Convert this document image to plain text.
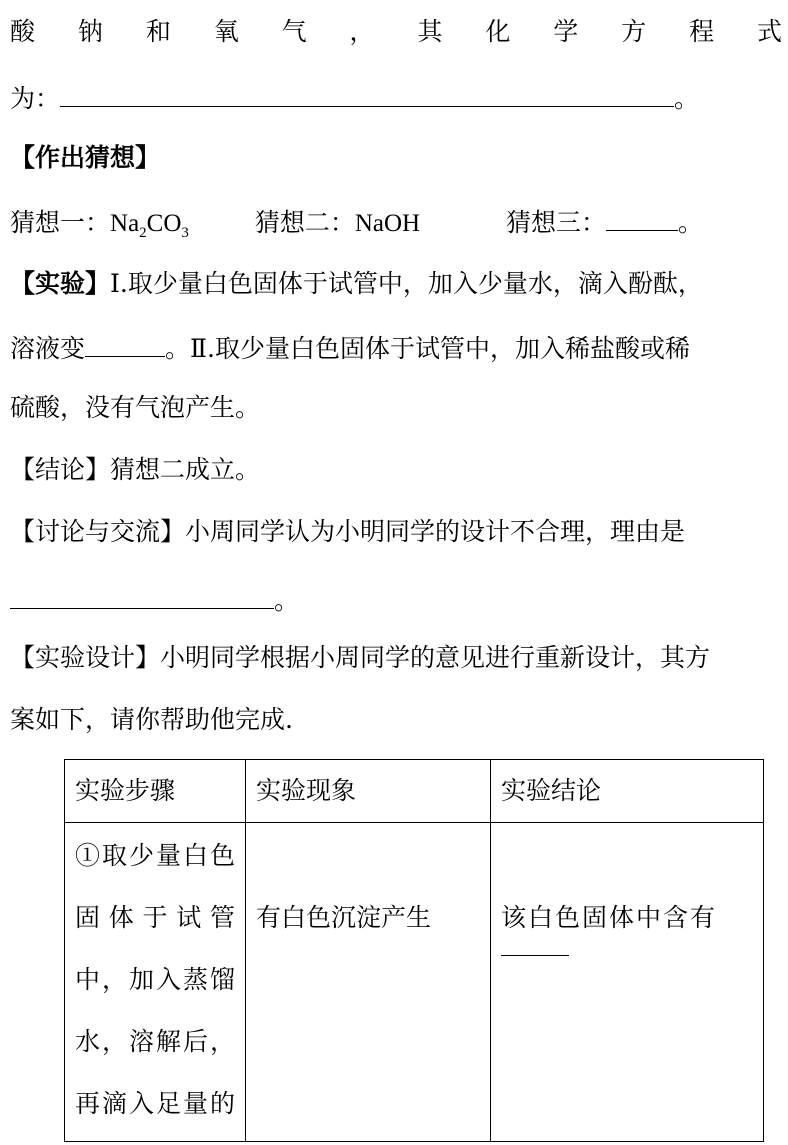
酸 钠 和 氧 气 ， 其 化 学 方 程 式
为：	。
【作出猜想】
猜想一：$Na_2CO_3$	猜想二：NaOH	猜想三：	。
【实验】Ⅰ.取少量白色固体于试管中，加入少量水，滴入酚酞，
溶液变	。Ⅱ.取少量白色固体于试管中，加入稀盐酸或稀
硫酸，没有气泡产生。
【结论】猜想二成立。
【讨论与交流】小周同学认为小明同学的设计不合理，理由是
。
【实验设计】小明同学根据小周同学的意见进行重新设计，其方
案如下，请你帮助他完成.
实验步骤	实验现象	实验结论

①取少量白色
固体于试管
中，加入蒸馏
水，溶解后，
再滴入足量的	有白色沉淀产生	该白色固体中含有
